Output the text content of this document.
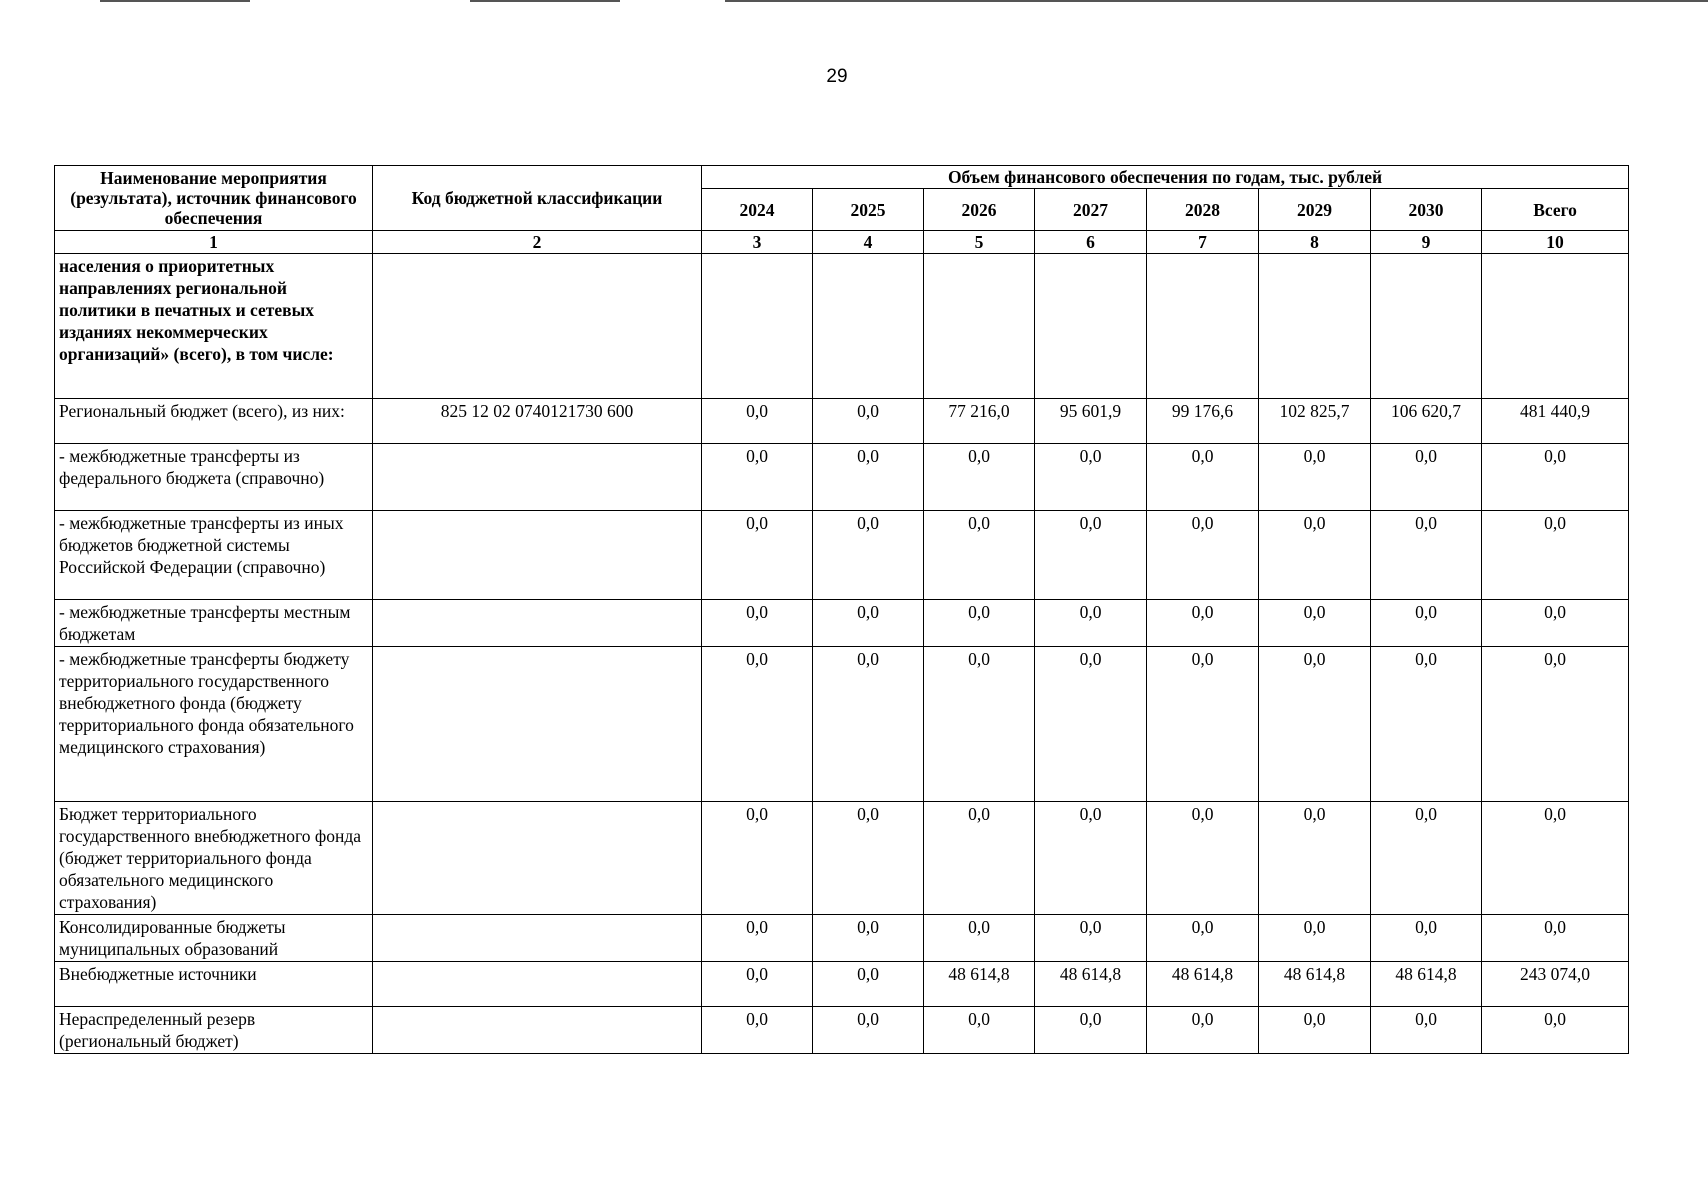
29
Наименование мероприятия (результата), источник финансового обеспечения	Код бюджетной классификации	Объем финансового обеспечения по годам, тыс. рублей							
		2024	2025	2026	2027	2028	2029	2030	Всего
1	2	3	4	5	6	7	8	9	10
населения о приоритетных направлениях региональной политики в печатных и сетевых изданиях некоммерческих организаций» (всего), в том числе:									
Региональный бюджет (всего), из них:	825 12 02 0740121730 600	0,0	0,0	77 216,0	95 601,9	99 176,6	102 825,7	106 620,7	481 440,9
- межбюджетные трансферты из федерального бюджета (справочно)		0,0	0,0	0,0	0,0	0,0	0,0	0,0	0,0
- межбюджетные трансферты из иных бюджетов бюджетной системы Российской Федерации (справочно)		0,0	0,0	0,0	0,0	0,0	0,0	0,0	0,0
- межбюджетные трансферты местным бюджетам		0,0	0,0	0,0	0,0	0,0	0,0	0,0	0,0
- межбюджетные трансферты бюджету территориального государственного внебюджетного фонда (бюджету территориального фонда обязательного медицинского страхования)		0,0	0,0	0,0	0,0	0,0	0,0	0,0	0,0
Бюджет территориального государственного внебюджетного фонда (бюджет территориального фонда обязательного медицинского страхования)		0,0	0,0	0,0	0,0	0,0	0,0	0,0	0,0
Консолидированные бюджеты муниципальных образований		0,0	0,0	0,0	0,0	0,0	0,0	0,0	0,0
Внебюджетные источники		0,0	0,0	48 614,8	48 614,8	48 614,8	48 614,8	48 614,8	243 074,0
Нераспределенный резерв (региональный бюджет)		0,0	0,0	0,0	0,0	0,0	0,0	0,0	0,0
